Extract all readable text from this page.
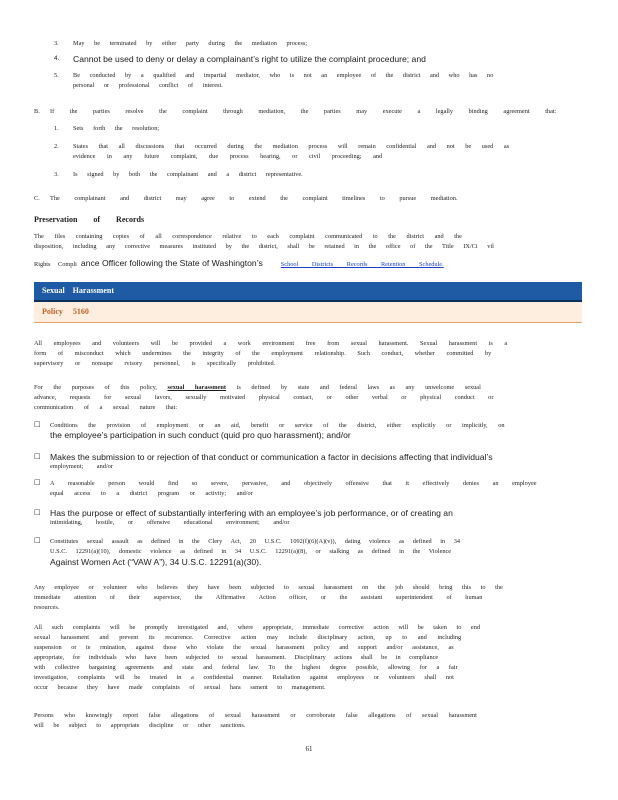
3. May be terminated by either party during the mediation process;
4. Cannot be used to deny or delay a complainant’s right to utilize the complaint procedure; and
5. Be conducted by a qualified and impartial mediator, who is not an employee of the district and who has no
personal or professional conflict of interest.
B. If the parties resolve the complaint through mediation, the parties may execute a legally binding agreement that:
1. Sets forth the resolution;
2. States that all discussions that occurred during the mediation process will remain confidential and not be used as
evidence in any future complaint, due process hearing, or civil proceeding; and
3. Is signed by both the complainant and a district representative.
C. The complainant and district may agree to extend the complaint timelines to pursue mediation.
Preservation of Records
The files containing copies of all correspondence relative to each complaint communicated to the district and the
disposition, including any corrective measures instituted by the district, shall be retained in the office of the Title IX/Ci vil
Rights Compli ance Officer following the State of Washington’s	School Districts Records Retention Schedule.
Sexual Harassment
Policy 5160
All employees and volunteers will be provided a work environment free from sexual harassment. Sexual harassment is a
form of misconduct which undermines the integrity of the employment relationship. Such conduct, whether committed by
supervisory or nonsupe rvisory personnel, is specifically prohibited.
For the purposes of this policy, sexual harassment is defined by state and federal laws as any unwelcome sexual
advance, requests for sexual favors, sexually motivated physical contact, or other verbal or physical conduct or
communication of a sexual nature that:
□ Conditions the provision of employment or an aid, benefit or service of the district, either explicitly or implicitly, on
the employee’s participation in such conduct (quid pro quo harassment); and/or
□ Makes the submission to or rejection of that conduct or communication a factor in decisions affecting that individual’s
employment; and/or
□ A reasonable person would find so severe, pervasive, and objectively offensive that it effectively denies an employee
equal access to a district program or activity; and/or
□ Has the purpose or effect of substantially interfering with an employee’s job performance, or of creating an
intimidating, hostile, or offensive educational environment; and/or
□ Constitutes sexual assault as defined in the Clery Act, 20 U.S.C. 1092(f)(6)(A)(v)), dating violence as defined in 34
U.S.C. 12291(a)(10), domestic violence as defined in 34 U.S.C. 12291(a)(8), or stalking as defined in the Violence
Against Women Act (“VAW A”), 34 U.S.C. 12291(a)(30).
Any employee or volunteer who believes they have been subjected to sexual harassment on the job should bring this to the
immediate attention of their supervisor, the Affirmative Action officer, or the assistant superintendent of human
resources.
All such complaints will be promptly investigated and, where appropriate, immediate corrective action will be taken to end
sexual harassment and prevent its recurrence. Corrective action may include disciplinary action, up to and including
suspension or te rmination, against those who violate the sexual harassment policy and support and/or assistance, as
appropriate, for individuals who have been subjected to sexual harassment. Disciplinary actions shall be in compliance
with collective bargaining agreements and state and federal law. To the highest degree possible, allowing for a fair
investigation, complaints will be treated in a confidential manner. Retaliation against employees or volunteers shall not
occur because they have made complaints of sexual hara ssment to management.
Persons who knowingly report false allegations of sexual harassment or corroborate false allegations of sexual harassment
will be subject to appropriate discipline or other sanctions.
61
